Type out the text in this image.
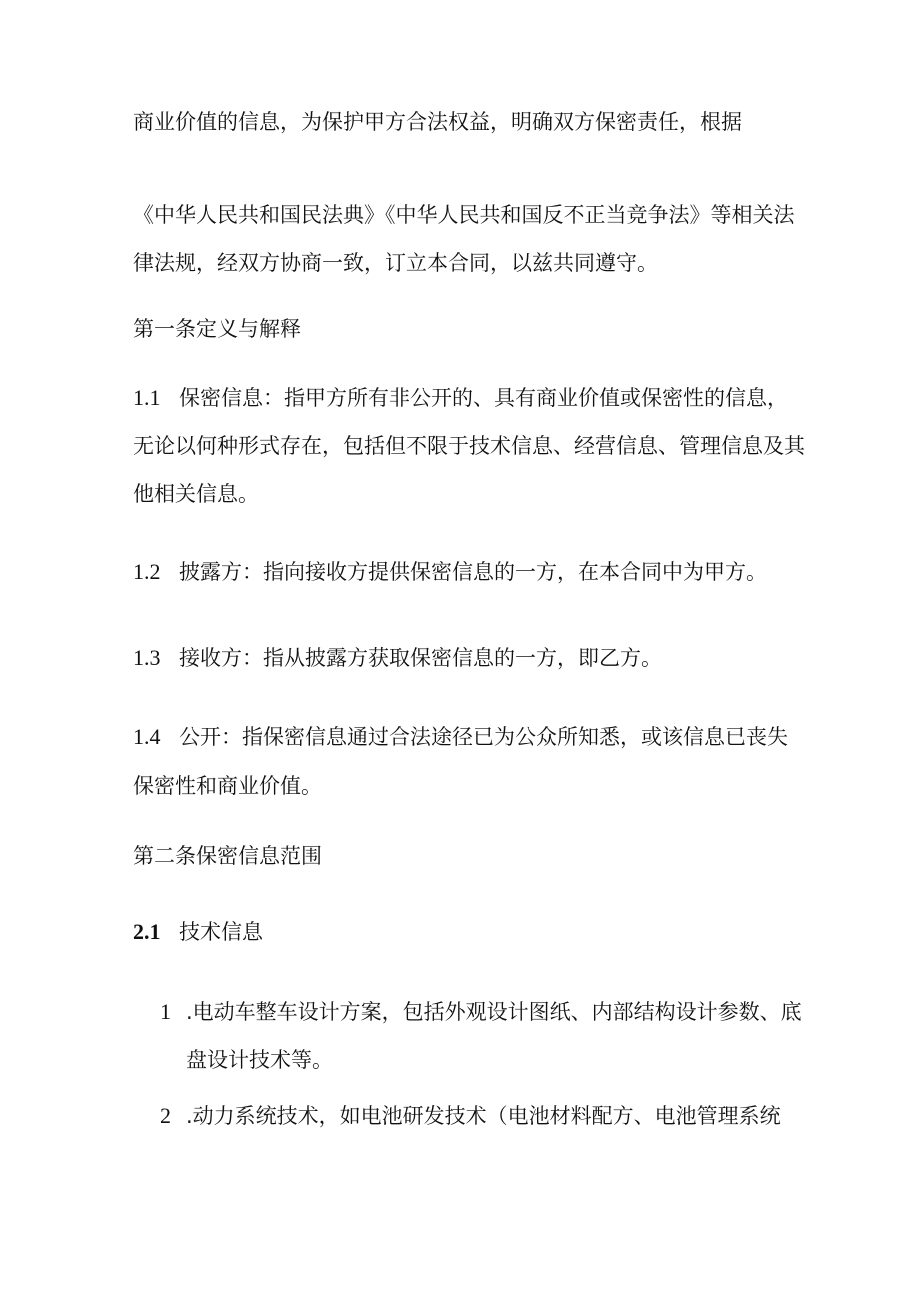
商业价值的信息，为保护甲方合法权益，明确双方保密责任，根据
《中华人民共和国民法典》《中华人民共和国反不正当竞争法》等相关法
律法规，经双方协商一致，订立本合同，以兹共同遵守。
第一条定义与解释
1.1 保密信息：指甲方所有非公开的、具有商业价值或保密性的信息，
无论以何种形式存在，包括但不限于技术信息、经营信息、管理信息及其
他相关信息。
1.2 披露方：指向接收方提供保密信息的一方，在本合同中为甲方。
1.3 接收方：指从披露方获取保密信息的一方，即乙方。
1.4 公开：指保密信息通过合法途径已为公众所知悉，或该信息已丧失
保密性和商业价值。
第二条保密信息范围
2.1 技术信息
1 .电动车整车设计方案，包括外观设计图纸、内部结构设计参数、底
盘设计技术等。
2 .动力系统技术，如电池研发技术（电池材料配方、电池管理系统
